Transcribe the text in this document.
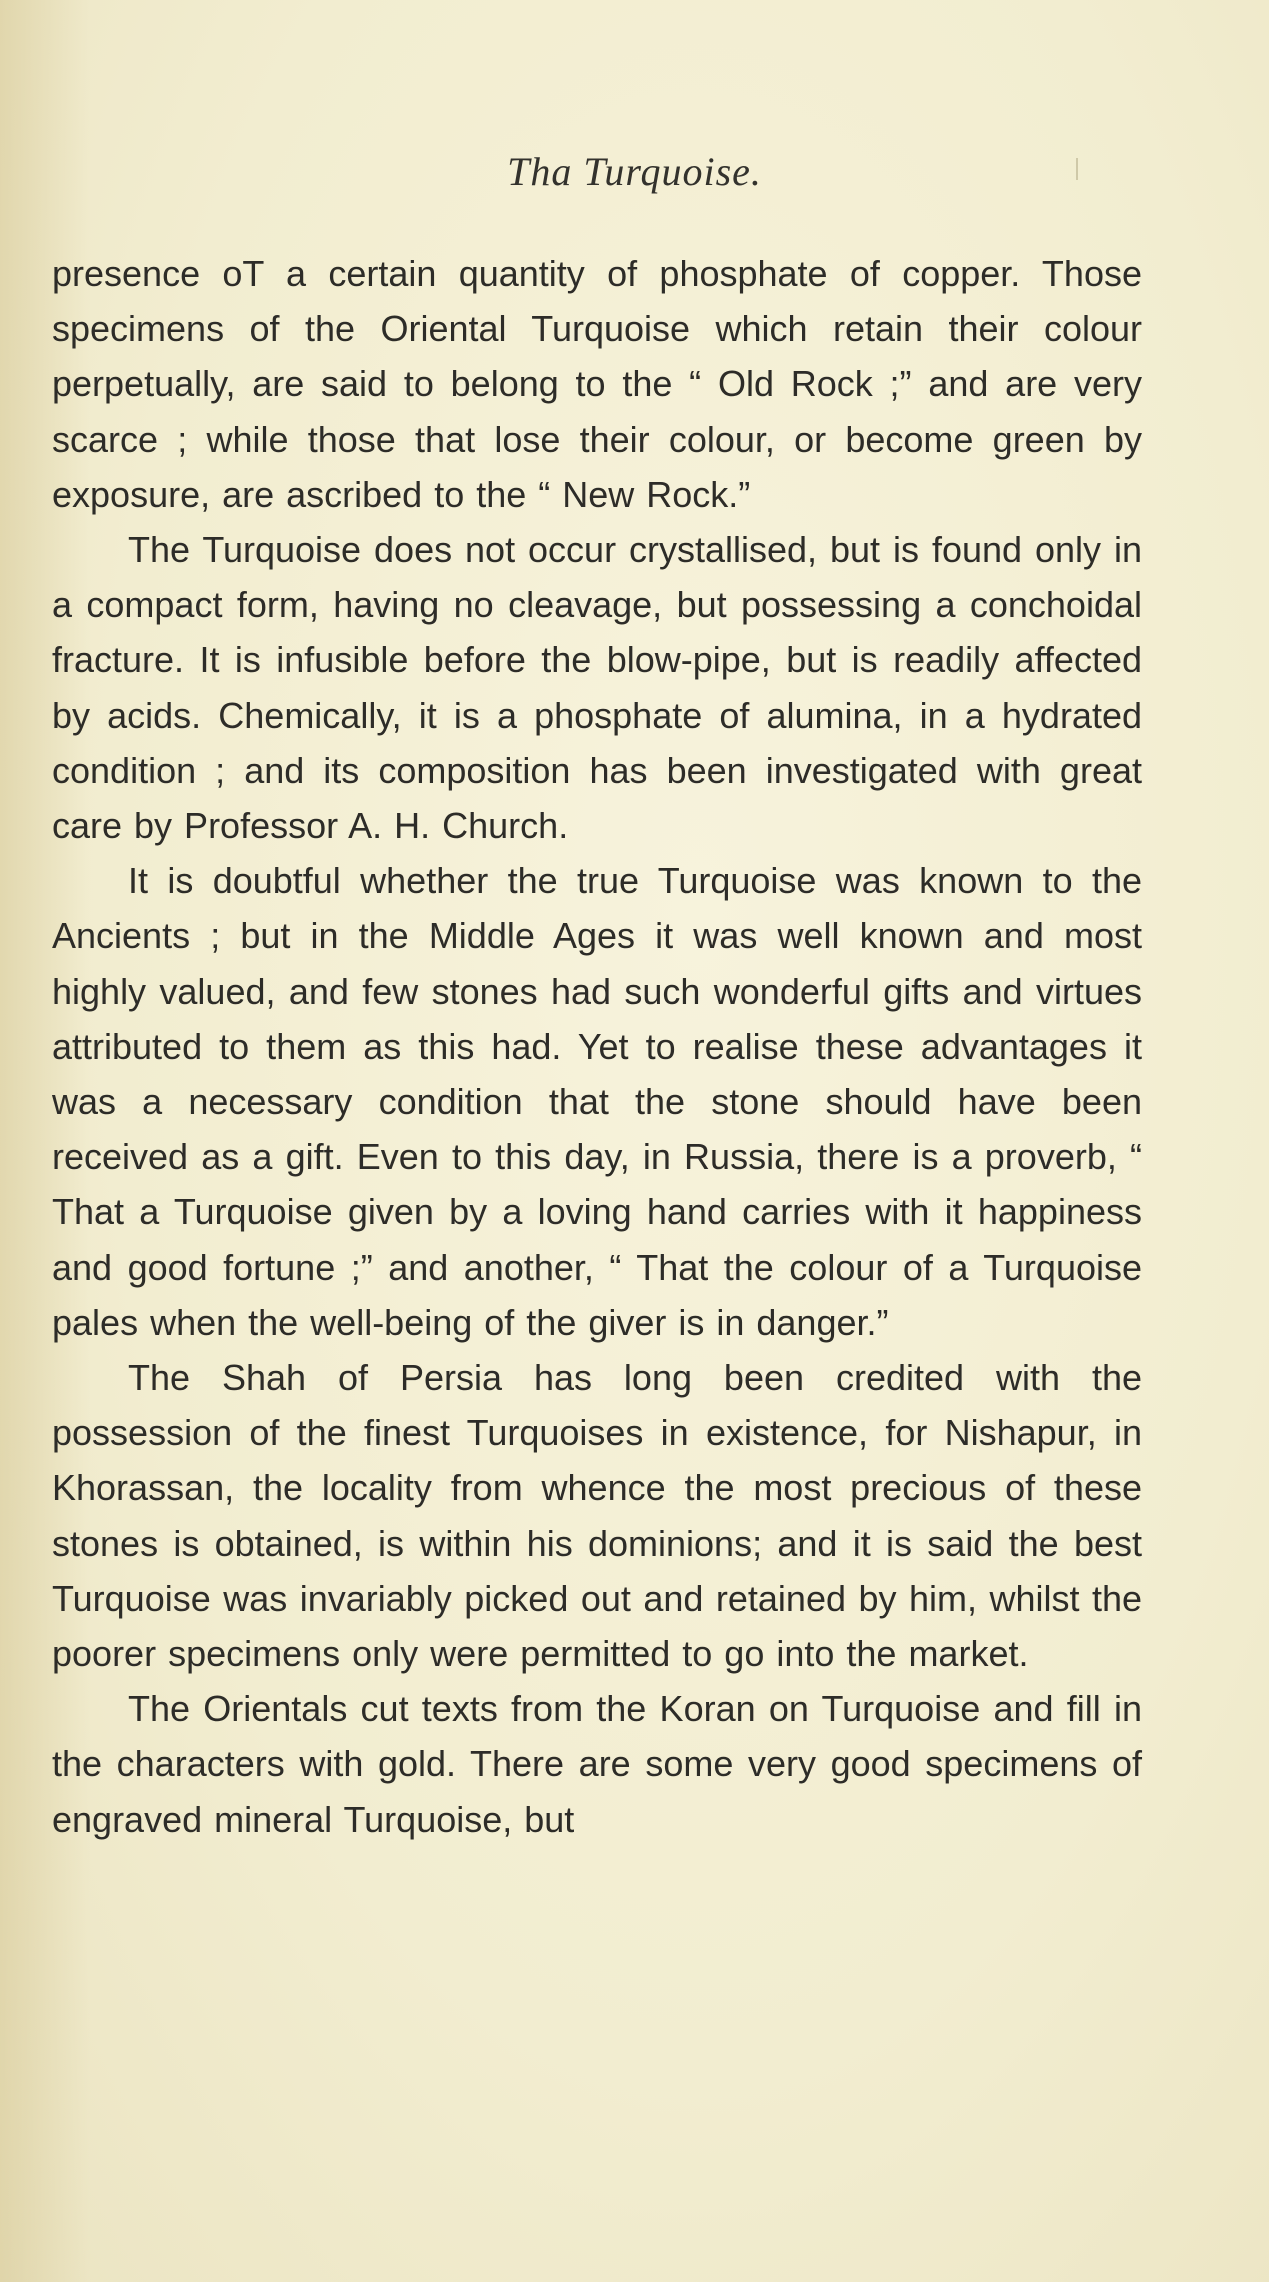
Tha Turquoise.

presence oT a certain quantity of phosphate of copper. Those specimens of the Oriental Turquoise which retain their colour perpetually, are said to belong to the “ Old Rock ;” and are very scarce ; while those that lose their colour, or become green by exposure, are ascribed to the “ New Rock.”

The Turquoise does not occur crystallised, but is found only in a compact form, having no cleavage, but possessing a conchoidal fracture. It is infusible before the blow-pipe, but is readily affected by acids. Chemically, it is a phosphate of alumina, in a hydrated condition ; and its composition has been investigated with great care by Professor A. H. Church.

It is doubtful whether the true Turquoise was known to the Ancients ; but in the Middle Ages it was well known and most highly valued, and few stones had such wonderful gifts and virtues attributed to them as this had. Yet to realise these advantages it was a necessary condition that the stone should have been received as a gift. Even to this day, in Russia, there is a proverb, “ That a Turquoise given by a loving hand carries with it happiness and good fortune ;” and another, “ That the colour of a Turquoise pales when the well-being of the giver is in danger.”

The Shah of Persia has long been credited with the possession of the finest Turquoises in existence, for Nishapur, in Khorassan, the locality from whence the most precious of these stones is obtained, is within his dominions; and it is said the best Turquoise was invariably picked out and retained by him, whilst the poorer specimens only were permitted to go into the market.

The Orientals cut texts from the Koran on Turquoise and fill in the characters with gold. There are some very good specimens of engraved mineral Turquoise, but
